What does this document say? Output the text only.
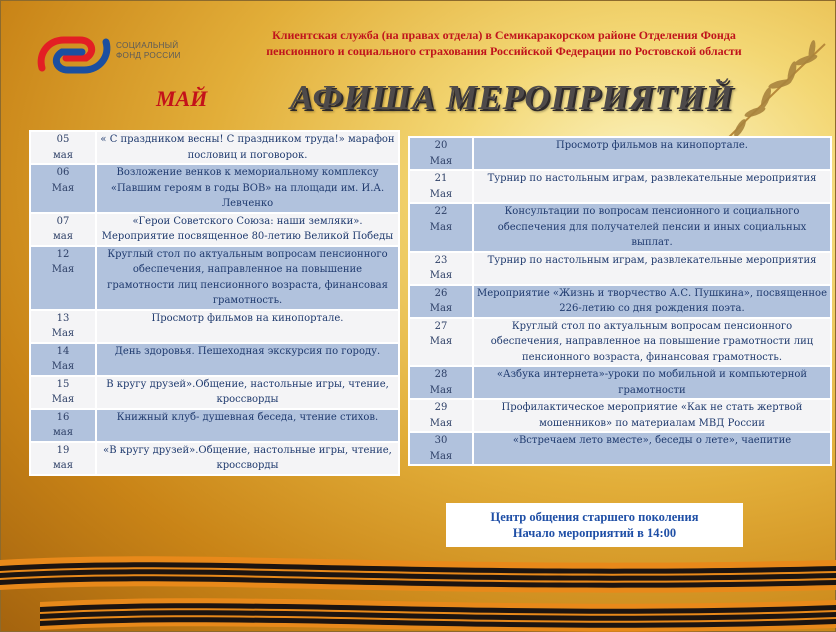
СОЦИАЛЬНЫЙ
ФОНД РОССИИ
Клиентская служба (на правах отдела) в Семикаракорском районе Отделения Фонда
пенсионного и социального страхования Российской Федерации по Ростовской области
МАЙ АФИША МЕРОПРИЯТИЙ
05
мая	« С праздником весны! С праздником труда!» марафон пословиц и поговорок.

06
Мая	Возложение венков к мемориальному комплексу «Павшим героям в годы ВОВ» на площади им. И.А. Левченко

07
мая	«Герои Советского Союза: наши земляки». Мероприятие посвященное 80-летию Великой Победы

12
Мая	Круглый стол по актуальным вопросам пенсионного обеспечения, направленное на повышение грамотности лиц пенсионного возраста, финансовая грамотность.

13
Мая	Просмотр фильмов на кинопортале.

14
Мая	День здоровья. Пешеходная экскурсия по городу.

15
Мая	В кругу друзей».Общение, настольные игры, чтение, кроссворды

16
мая	Книжный клуб- душевная беседа, чтение стихов.

19
мая	«В кругу друзей».Общение, настольные игры, чтение, кроссворды
20
Мая	Просмотр фильмов на кинопортале.

21
Мая	Турнир по настольным играм, развлекательные мероприятия

22
Мая	Консультации по вопросам пенсионного и социального обеспечения для получателей пенсии и иных социальных выплат.

23
Мая	Турнир по настольным играм, развлекательные мероприятия

26
Мая	Мероприятие «Жизнь и творчество А.С. Пушкина», посвященное 226-летию со дня рождения поэта.

27
Мая	Круглый стол по актуальным вопросам пенсионного обеспечения, направленное на повышение грамотности лиц пенсионного возраста, финансовая грамотность.

28
Мая	«Азбука интернета»-уроки по мобильной и компьютерной грамотности

29
Мая	Профилактическое мероприятие «Как не стать жертвой мошенников» по материалам МВД России

30
Мая	«Встречаем лето вместе», беседы о лете», чаепитие
Центр общения старшего поколения
Начало мероприятий в 14:00
